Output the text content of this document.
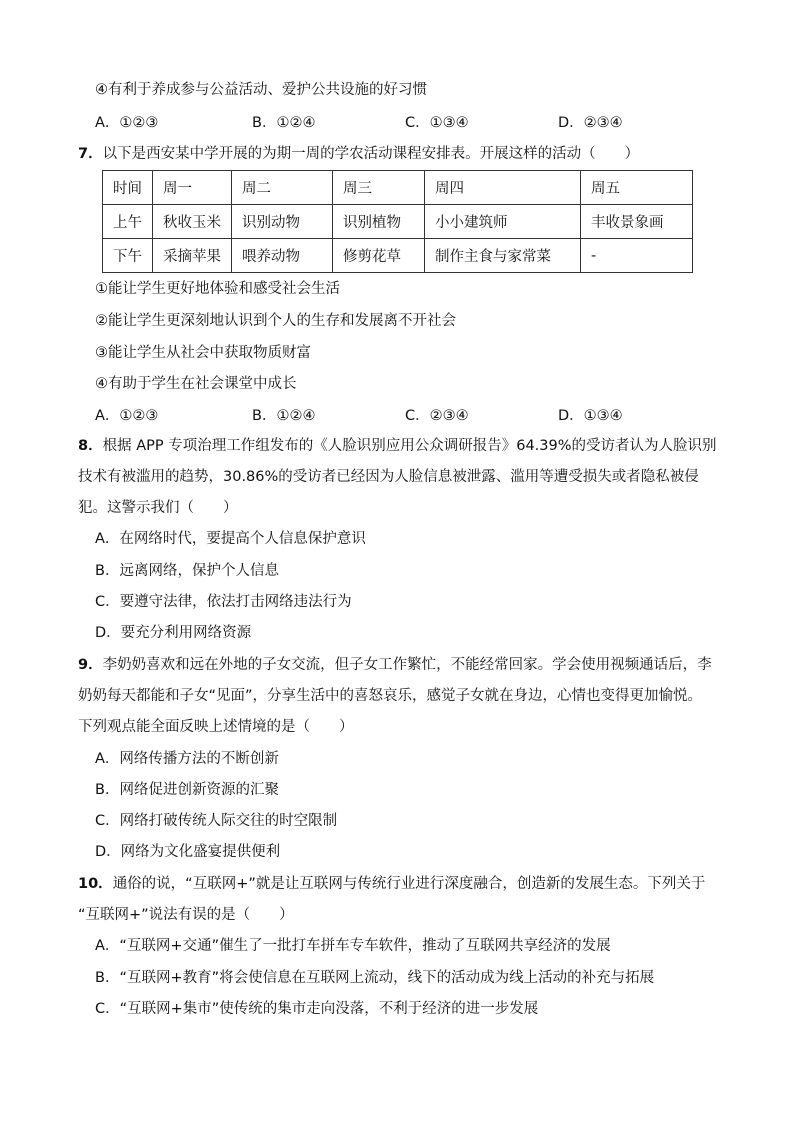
④有利于养成参与公益活动、爱护公共设施的好习惯
A．①②③	B．①②④	C．①③④	D．②③④
7．以下是西安某中学开展的为期一周的学农活动课程安排表。开展这样的活动（　　）
时间	周一	周二	周三	周四	周五
上午	秋收玉米	识别动物	识别植物	小小建筑师	丰收景象画
下午	采摘苹果	喂养动物	修剪花草	制作主食与家常菜	-
①能让学生更好地体验和感受社会生活
②能让学生更深刻地认识到个人的生存和发展离不开社会
③能让学生从社会中获取物质财富
④有助于学生在社会课堂中成长
A．①②③	B．①②④	C．②③④	D．①③④
8．根据 APP 专项治理工作组发布的《人脸识别应用公众调研报告》64.39%的受访者认为人脸识别
技术有被滥用的趋势，30.86%的受访者已经因为人脸信息被泄露、滥用等遭受损失或者隐私被侵
犯。这警示我们（　　）
A．在网络时代，要提高个人信息保护意识
B．远离网络，保护个人信息
C．要遵守法律，依法打击网络违法行为
D．要充分利用网络资源
9．李奶奶喜欢和远在外地的子女交流，但子女工作繁忙，不能经常回家。学会使用视频通话后，李
奶奶每天都能和子女“见面”，分享生活中的喜怒哀乐，感觉子女就在身边，心情也变得更加愉悦。
下列观点能全面反映上述情境的是（　　）
A．网络传播方法的不断创新
B．网络促进创新资源的汇聚
C．网络打破传统人际交往的时空限制
D．网络为文化盛宴提供便利
10．通俗的说，“互联网+”就是让互联网与传统行业进行深度融合，创造新的发展生态。下列关于
“互联网+”说法有误的是（　　）
A．“互联网+交通”催生了一批打车拼车专车软件，推动了互联网共享经济的发展
B．“互联网+教育”将会使信息在互联网上流动，线下的活动成为线上活动的补充与拓展
C．“互联网+集市”使传统的集市走向没落，不利于经济的进一步发展
